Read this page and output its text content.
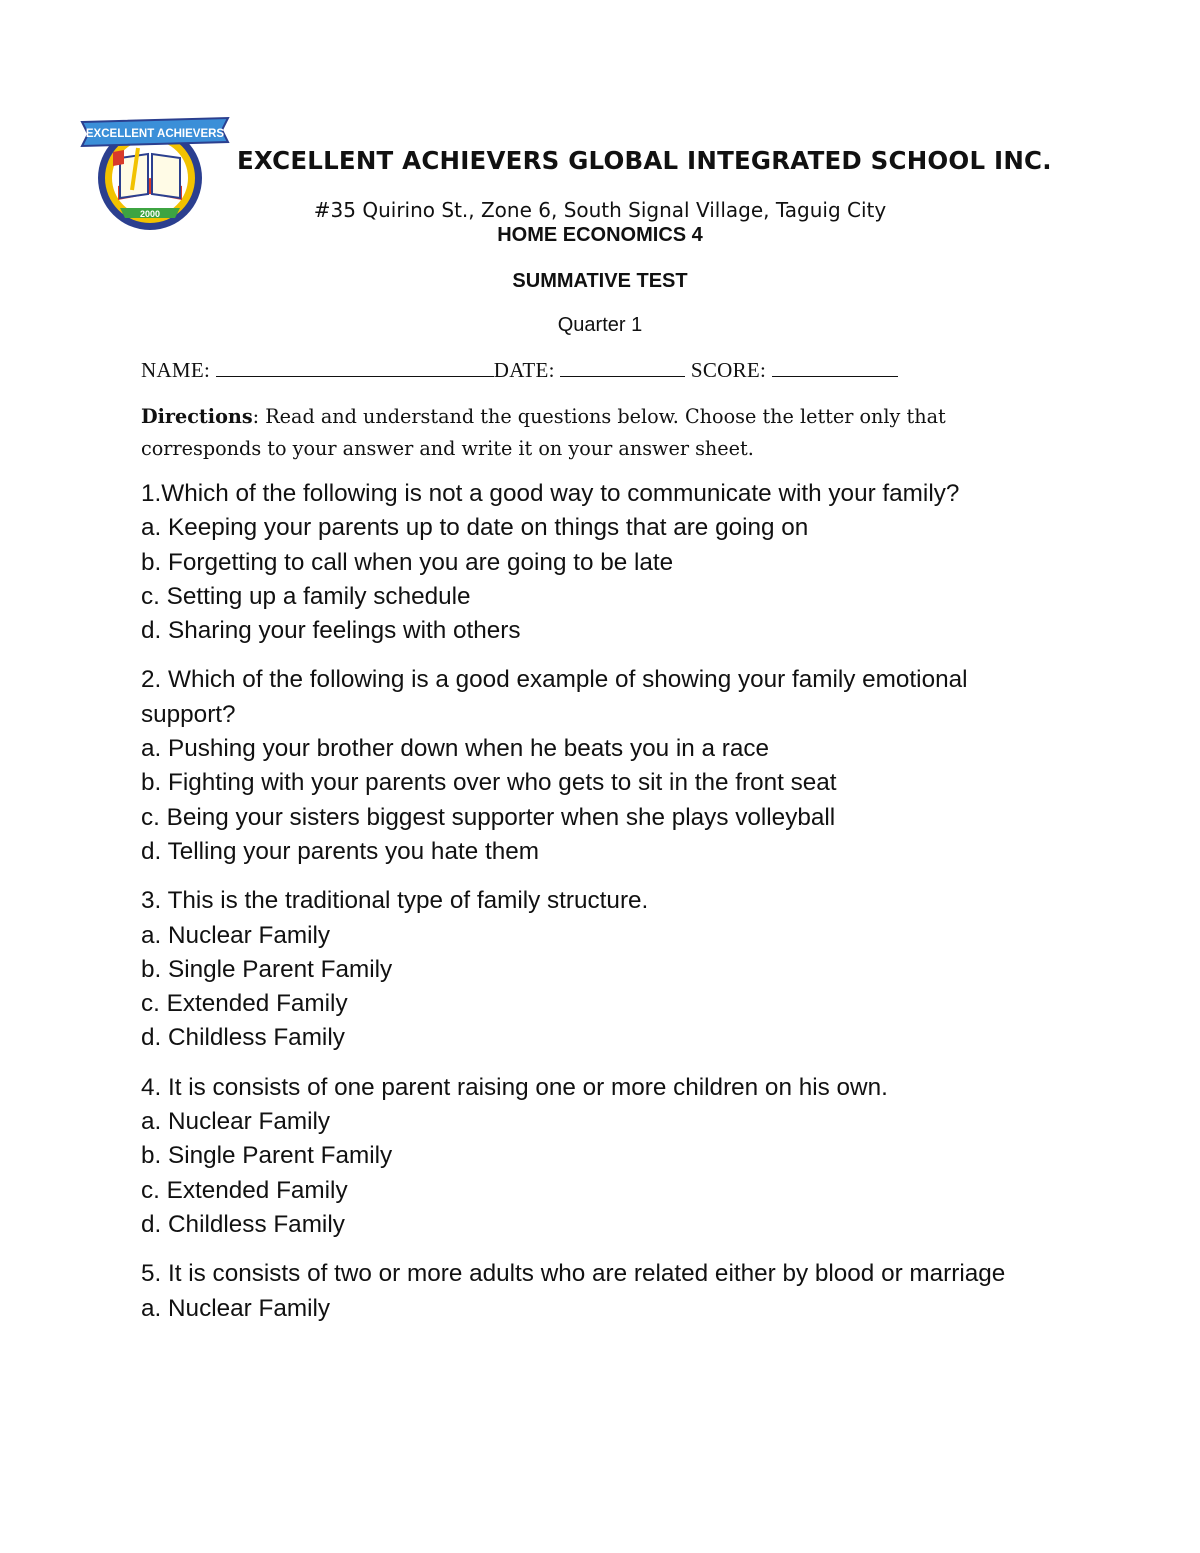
2000
EXCELLENT ACHIEVERS
EXCELLENT ACHIEVERS GLOBAL INTEGRATED SCHOOL INC.
#35 Quirino St., Zone 6, South Signal Village, Taguig City
HOME ECONOMICS 4
SUMMATIVE TEST
Quarter 1
NAME:	DATE:	SCORE:
Directions: Read and understand the questions below. Choose the letter only that corresponds to your answer and write it on your answer sheet.
1.Which of the following is not a good way to communicate with your family?
a. Keeping your parents up to date on things that are going on
b. Forgetting to call when you are going to be late
c. Setting up a family schedule
d. Sharing your feelings with others
2. Which of the following is a good example of showing your family emotional support?
a. Pushing your brother down when he beats you in a race
b. Fighting with your parents over who gets to sit in the front seat
c. Being your sisters biggest supporter when she plays volleyball
d. Telling your parents you hate them
3. This is the traditional type of family structure.
a. Nuclear Family
b. Single Parent Family
c. Extended Family
d. Childless Family
4. It is consists of one parent raising one or more children on his own.
a. Nuclear Family
b. Single Parent Family
c. Extended Family
d. Childless Family
5. It is consists of two or more adults who are related either by blood or marriage
a. Nuclear Family
